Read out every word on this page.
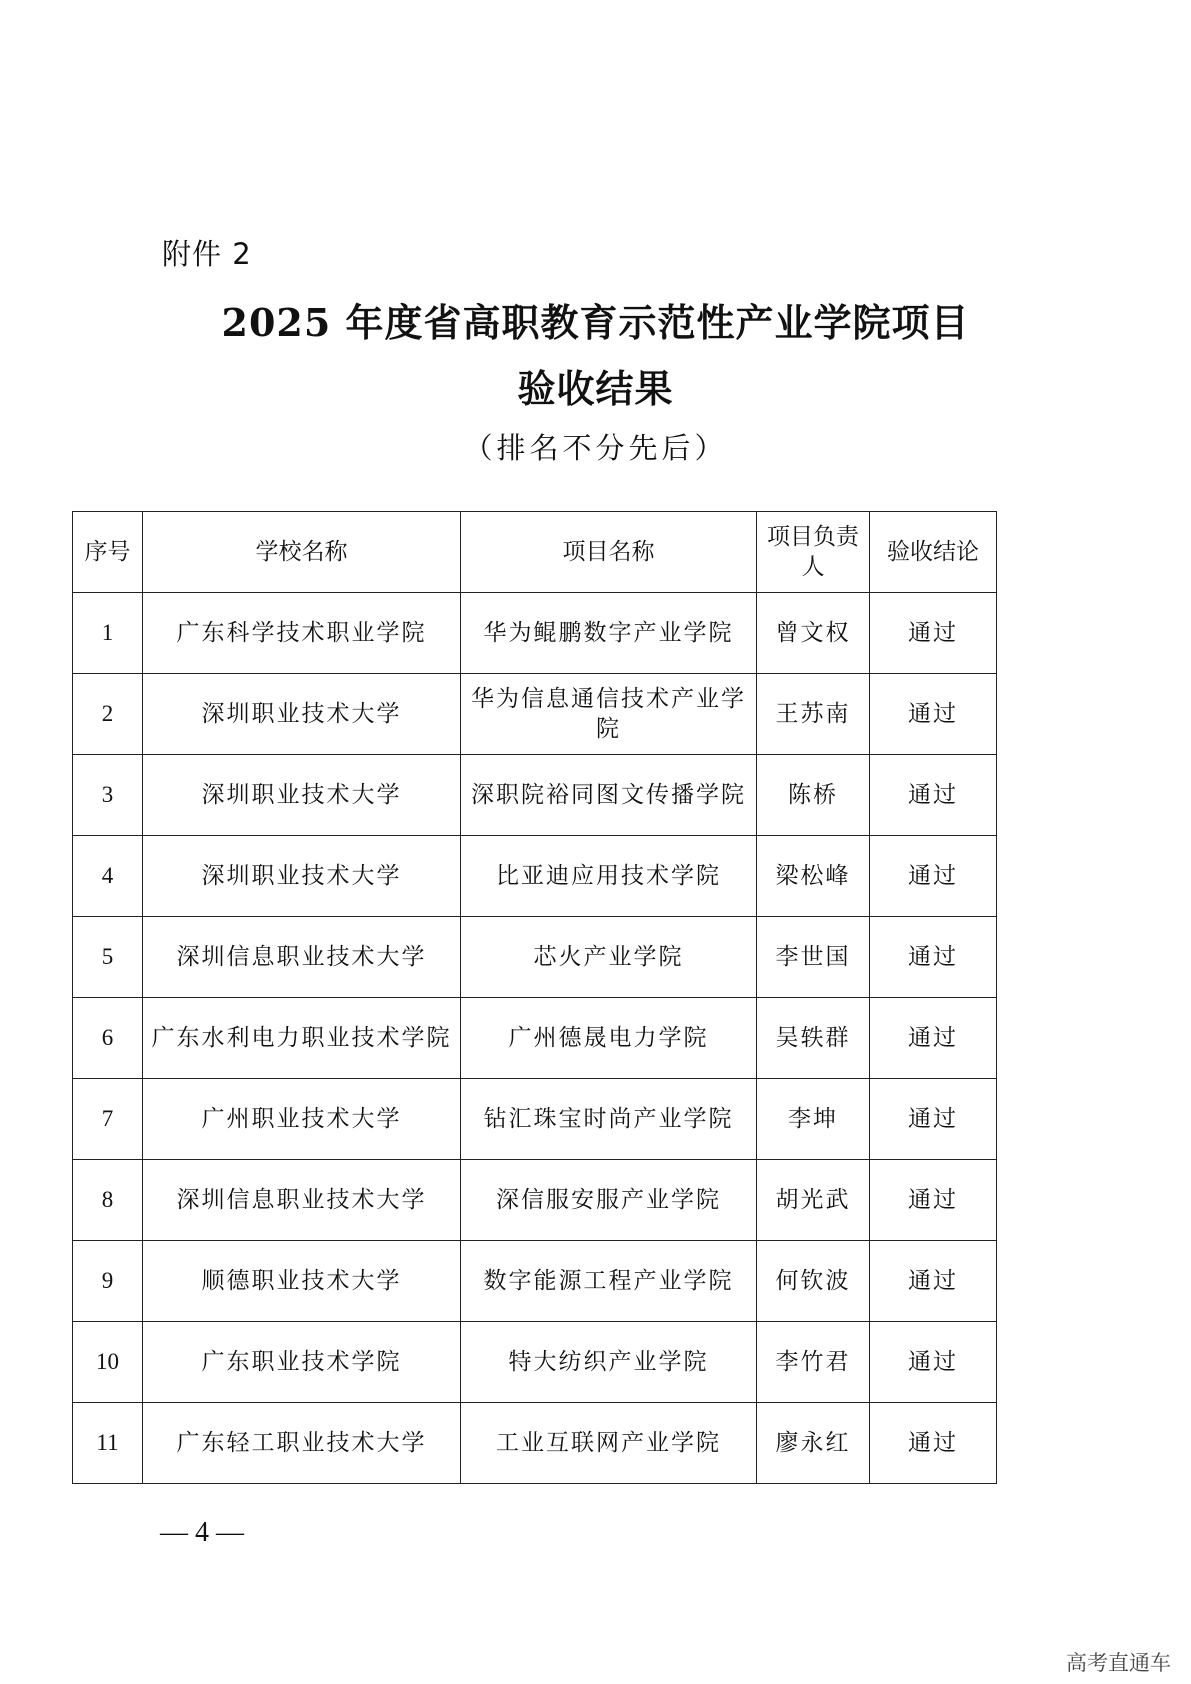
附件 2
2025 年度省高职教育示范性产业学院项目
验收结果
（排名不分先后）
序号	学校名称	项目名称	项目负责人	验收结论
1	广东科学技术职业学院	华为鲲鹏数字产业学院	曾文权	通过
2	深圳职业技术大学	华为信息通信技术产业学院	王苏南	通过
3	深圳职业技术大学	深职院裕同图文传播学院	陈桥	通过
4	深圳职业技术大学	比亚迪应用技术学院	梁松峰	通过
5	深圳信息职业技术大学	芯火产业学院	李世国	通过
6	广东水利电力职业技术学院	广州德晟电力学院	吴轶群	通过
7	广州职业技术大学	钻汇珠宝时尚产业学院	李坤	通过
8	深圳信息职业技术大学	深信服安服产业学院	胡光武	通过
9	顺德职业技术大学	数字能源工程产业学院	何钦波	通过
10	广东职业技术学院	特大纺织产业学院	李竹君	通过
11	广东轻工职业技术大学	工业互联网产业学院	廖永红	通过
— 4 —
高考直通车
